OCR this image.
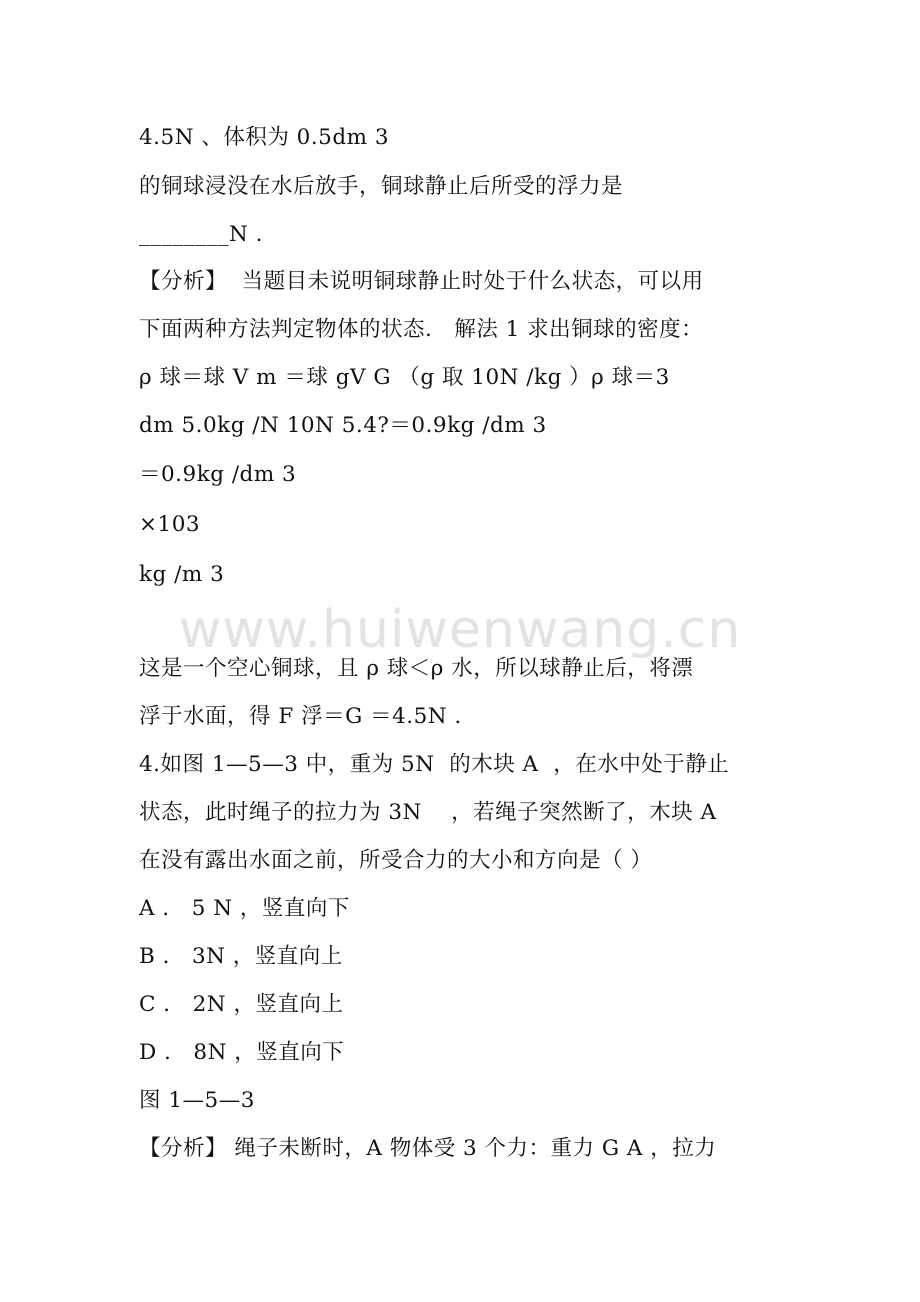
www.huiwenwang.cn
4.5N 、体积为 0.5dm 3
的铜球浸没在水后放手，铜球静止后所受的浮力是
________N .
【分析】  当题目未说明铜球静止时处于什么状态，可以用
下面两种方法判定物体的状态.   解法 1 求出铜球的密度：
ρ 球＝球 V m ＝球 gV G （g 取 10N /kg ）ρ 球＝3
dm 5.0kg /N 10N 5.4?＝0.9kg /dm 3
＝0.9kg /dm 3
×103
kg /m 3
这是一个空心铜球，且 ρ 球＜ρ 水，所以球静止后，将漂
浮于水面，得 F 浮＝G ＝4.5N .
4.如图 1—5—3 中，重为 5N  的木块 A  ，在水中处于静止
状态，此时绳子的拉力为 3N    ，若绳子突然断了，木块 A
在没有露出水面之前，所受合力的大小和方向是（ ）
A ． 5 N ，竖直向下
B ． 3N ，竖直向上
C ． 2N ，竖直向上
D ． 8N ，竖直向下
图 1—5—3
【分析】 绳子未断时，A 物体受 3 个力：重力 G A ，拉力
